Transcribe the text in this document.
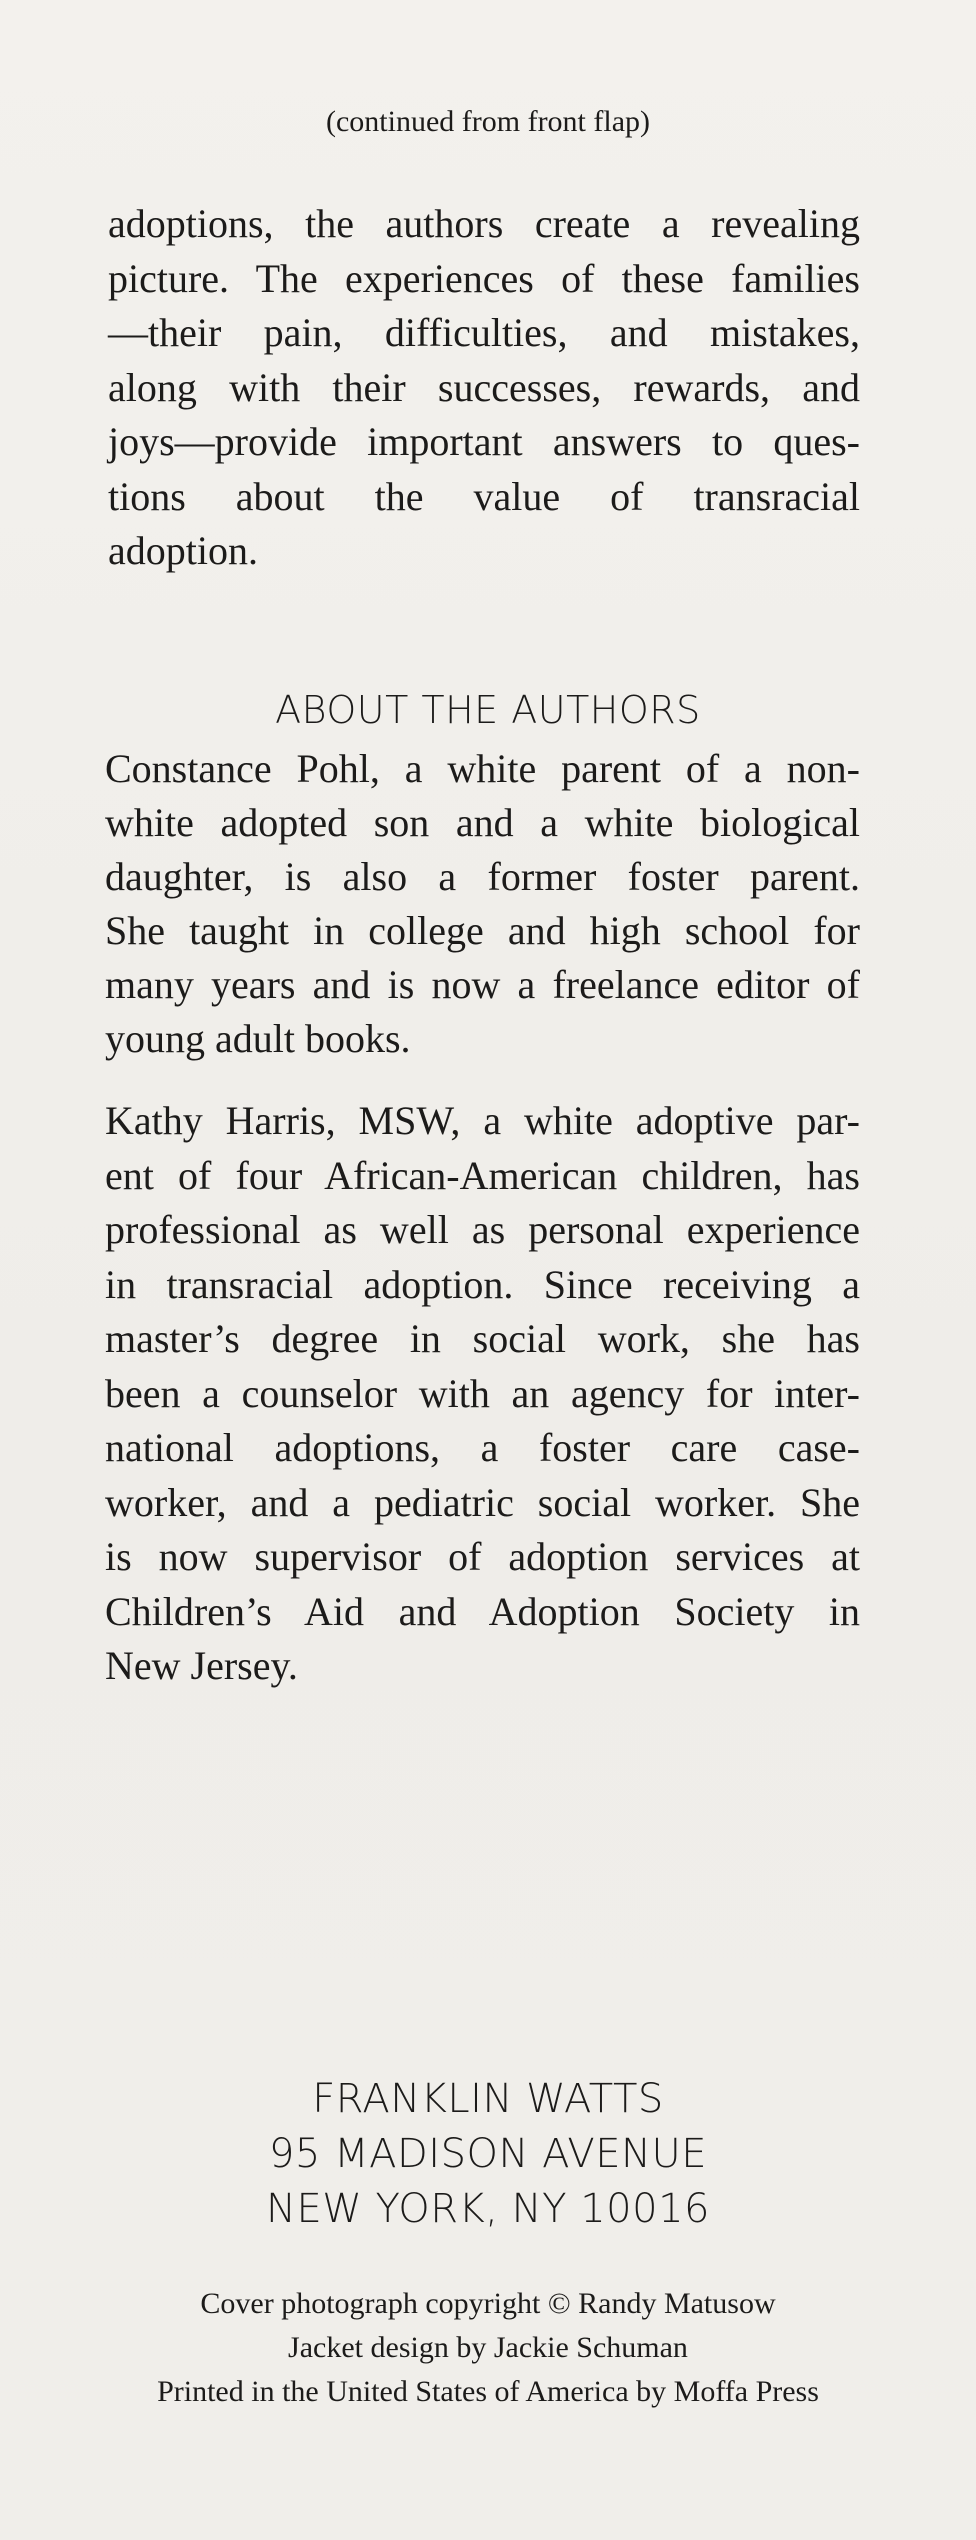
(continued from front flap)
adoptions, the authors create a revealing
picture. The experiences of these families
—their pain, difficulties, and mistakes,
along with their successes, rewards, and
joys—provide important answers to ques-
tions about the value of transracial
adoption.
ABOUT THE AUTHORS
Constance Pohl, a white parent of a non-
white adopted son and a white biological
daughter, is also a former foster parent.
She taught in college and high school for
many years and is now a freelance editor of
young adult books.
Kathy Harris, MSW, a white adoptive par-
ent of four African-American children, has
professional as well as personal experience
in transracial adoption. Since receiving a
master’s degree in social work, she has
been a counselor with an agency for inter-
national adoptions, a foster care case-
worker, and a pediatric social worker. She
is now supervisor of adoption services at
Children’s Aid and Adoption Society in
New Jersey.
FRANKLIN WATTS
95 MADISON AVENUE
NEW YORK, NY 10016
Cover photograph copyright © Randy Matusow
Jacket design by Jackie Schuman
Printed in the United States of America by Moffa Press
